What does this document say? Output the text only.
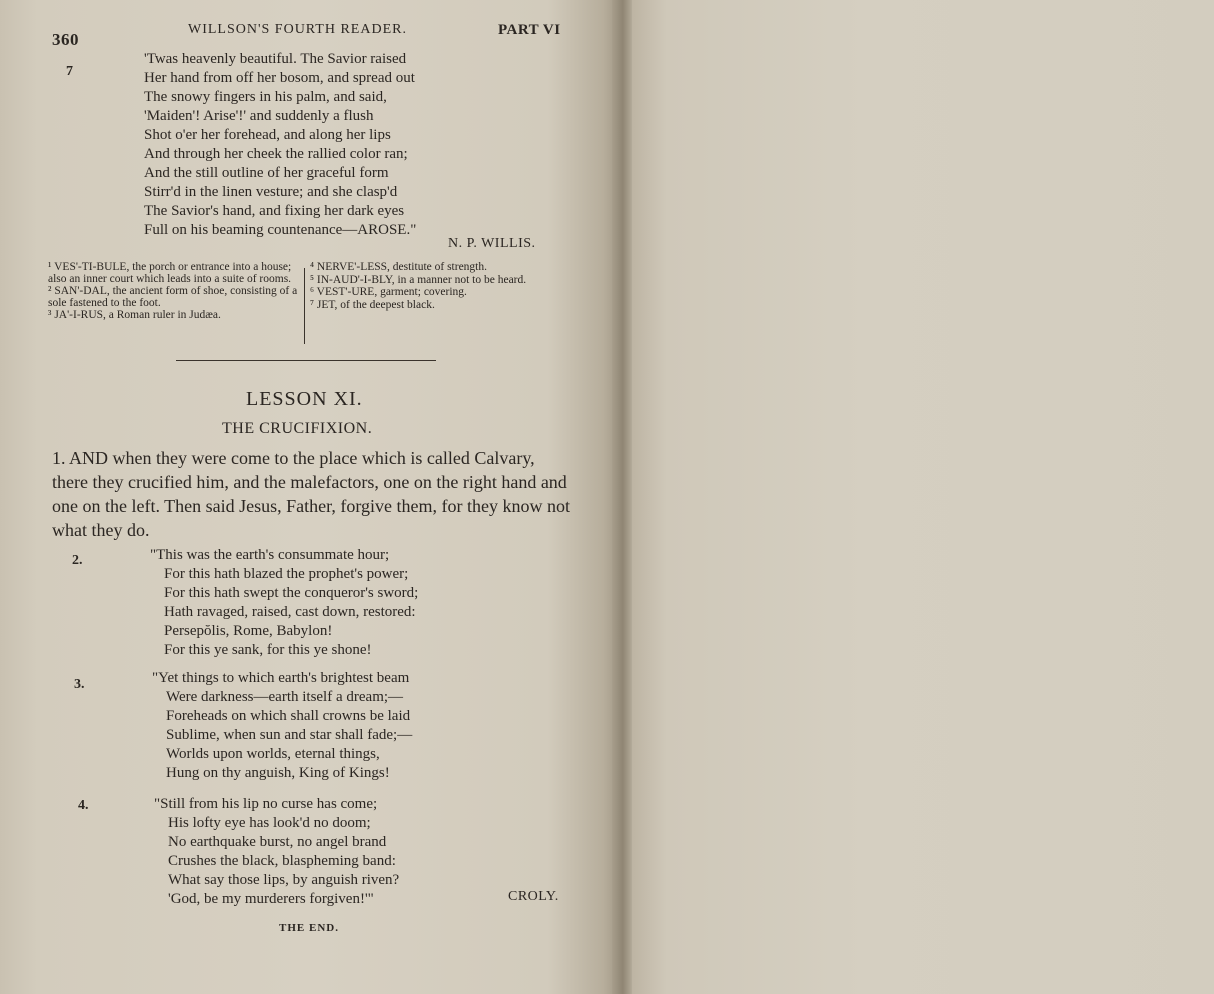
360
WILLSON'S FOURTH READER.	PART VI
7
'Twas heavenly beautiful. The Savior raised
Her hand from off her bosom, and spread out
The snowy fingers in his palm, and said,
'Maiden'! Arise'!' and suddenly a flush
Shot o'er her forehead, and along her lips
And through her cheek the rallied color ran;
And the still outline of her graceful form
Stirr'd in the linen vesture; and she clasp'd
The Savior's hand, and fixing her dark eyes
Full on his beaming countenance—AROSE."
N. P. WILLIS.
¹ VES'-TI-BULE, the porch or entrance into a house; also an inner court which leads into a suite of rooms.
² SAN'-DAL, the ancient form of shoe, consisting of a sole fastened to the foot.
³ JA'-I-RUS, a Roman ruler in Judæa.
⁴ NERVE'-LESS, destitute of strength.
⁵ IN-AUD'-I-BLY, in a manner not to be heard.
⁶ VEST'-URE, garment; covering.
⁷ JET, of the deepest black.
LESSON XI.
THE CRUCIFIXION.
1. AND when they were come to the place which is called Calvary, there they crucified him, and the malefactors, one on the right hand and one on the left. Then said Jesus, Father, forgive them, for they know not what they do.
2.	"This was the earth's consummate hour;
For this hath blazed the prophet's power;
For this hath swept the conqueror's sword;
Hath ravaged, raised, cast down, restored:
Persepŏlis, Rome, Babylon!
For this ye sank, for this ye shone!
3.	"Yet things to which earth's brightest beam
Were darkness—earth itself a dream;—
Foreheads on which shall crowns be laid
Sublime, when sun and star shall fade;—
Worlds upon worlds, eternal things,
Hung on thy anguish, King of Kings!
4.	"Still from his lip no curse has come;
His lofty eye has look'd no doom;
No earthquake burst, no angel brand
Crushes the black, blaspheming band:
What say those lips, by anguish riven?
'God, be my murderers forgiven!'"	CROLY.
THE END.
